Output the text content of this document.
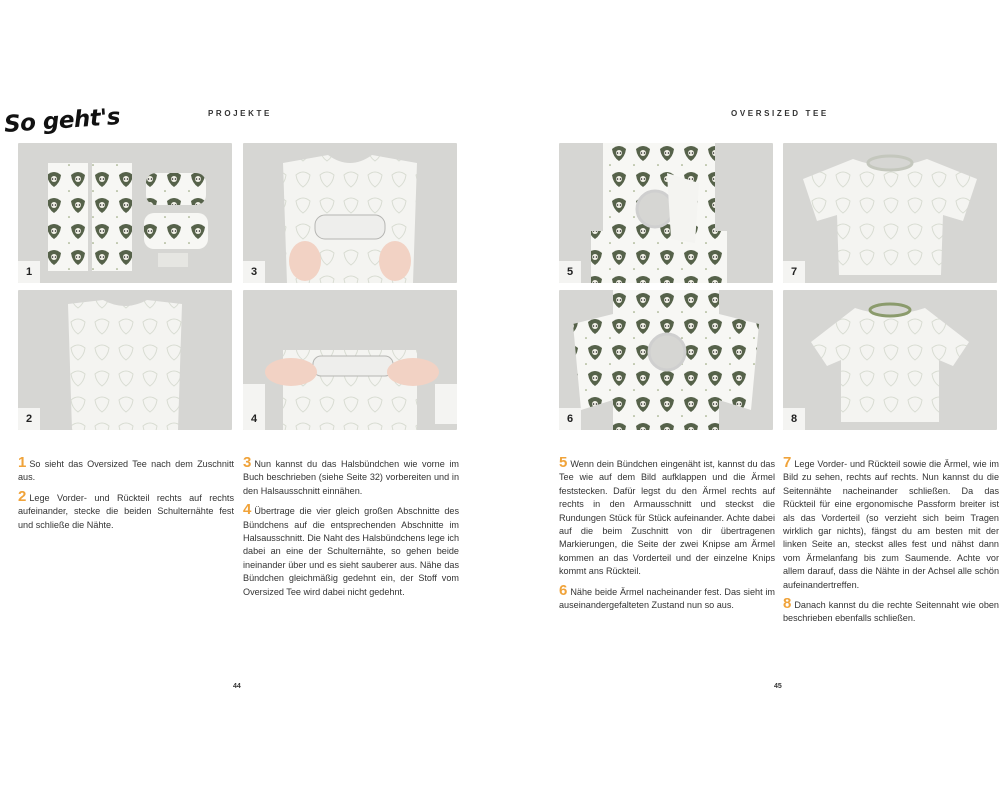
So geht's	PROJEKTE	OVERSIZED TEE
1
2
3
4
5
6
7
8
1 So sieht das Oversized Tee nach dem Zuschnitt aus.
2 Lege Vorder- und Rückteil rechts auf rechts aufeinander, stecke die beiden Schulternähte fest und schließe die Nähte.
3 Nun kannst du das Halsbündchen wie vorne im Buch beschrieben (siehe Seite 32) vorbereiten und in den Halsausschnitt einnähen.
4 Übertrage die vier gleich großen Abschnitte des Bündchens auf die entsprechenden Abschnitte im Halsausschnitt. Die Naht des Halsbündchens lege ich dabei an eine der Schulternähte, so gehen beide ineinander über und es sieht sauberer aus. Nähe das Bündchen gleichmäßig gedehnt ein, der Stoff vom Oversized Tee wird dabei nicht gedehnt.
5 Wenn dein Bündchen eingenäht ist, kannst du das Tee wie auf dem Bild aufklappen und die Ärmel feststecken. Dafür legst du den Ärmel rechts auf rechts in den Armausschnitt und steckst die Rundungen Stück für Stück aufeinander. Achte dabei auf die beim Zuschnitt von dir übertragenen Markierungen, die Seite der zwei Knipse am Ärmel kommen an das Vorderteil und der einzelne Knips kommt ans Rückteil.
6 Nähe beide Ärmel nacheinander fest. Das sieht im auseinandergefalteten Zustand nun so aus.
7 Lege Vorder- und Rückteil sowie die Ärmel, wie im Bild zu sehen, rechts auf rechts. Nun kannst du die Seitennähte nacheinander schließen. Da das Rückteil für eine ergonomische Passform breiter ist als das Vorderteil (so verzieht sich beim Tragen wirklich gar nichts), fängst du am besten mit der linken Seite an, steckst alles fest und nähst dann vom Ärmelanfang bis zum Saumende. Achte vor allem darauf, dass die Nähte in der Achsel alle schön aufeinandertreffen.
8 Danach kannst du die rechte Seitennaht wie oben beschrieben ebenfalls schließen.
44	45
